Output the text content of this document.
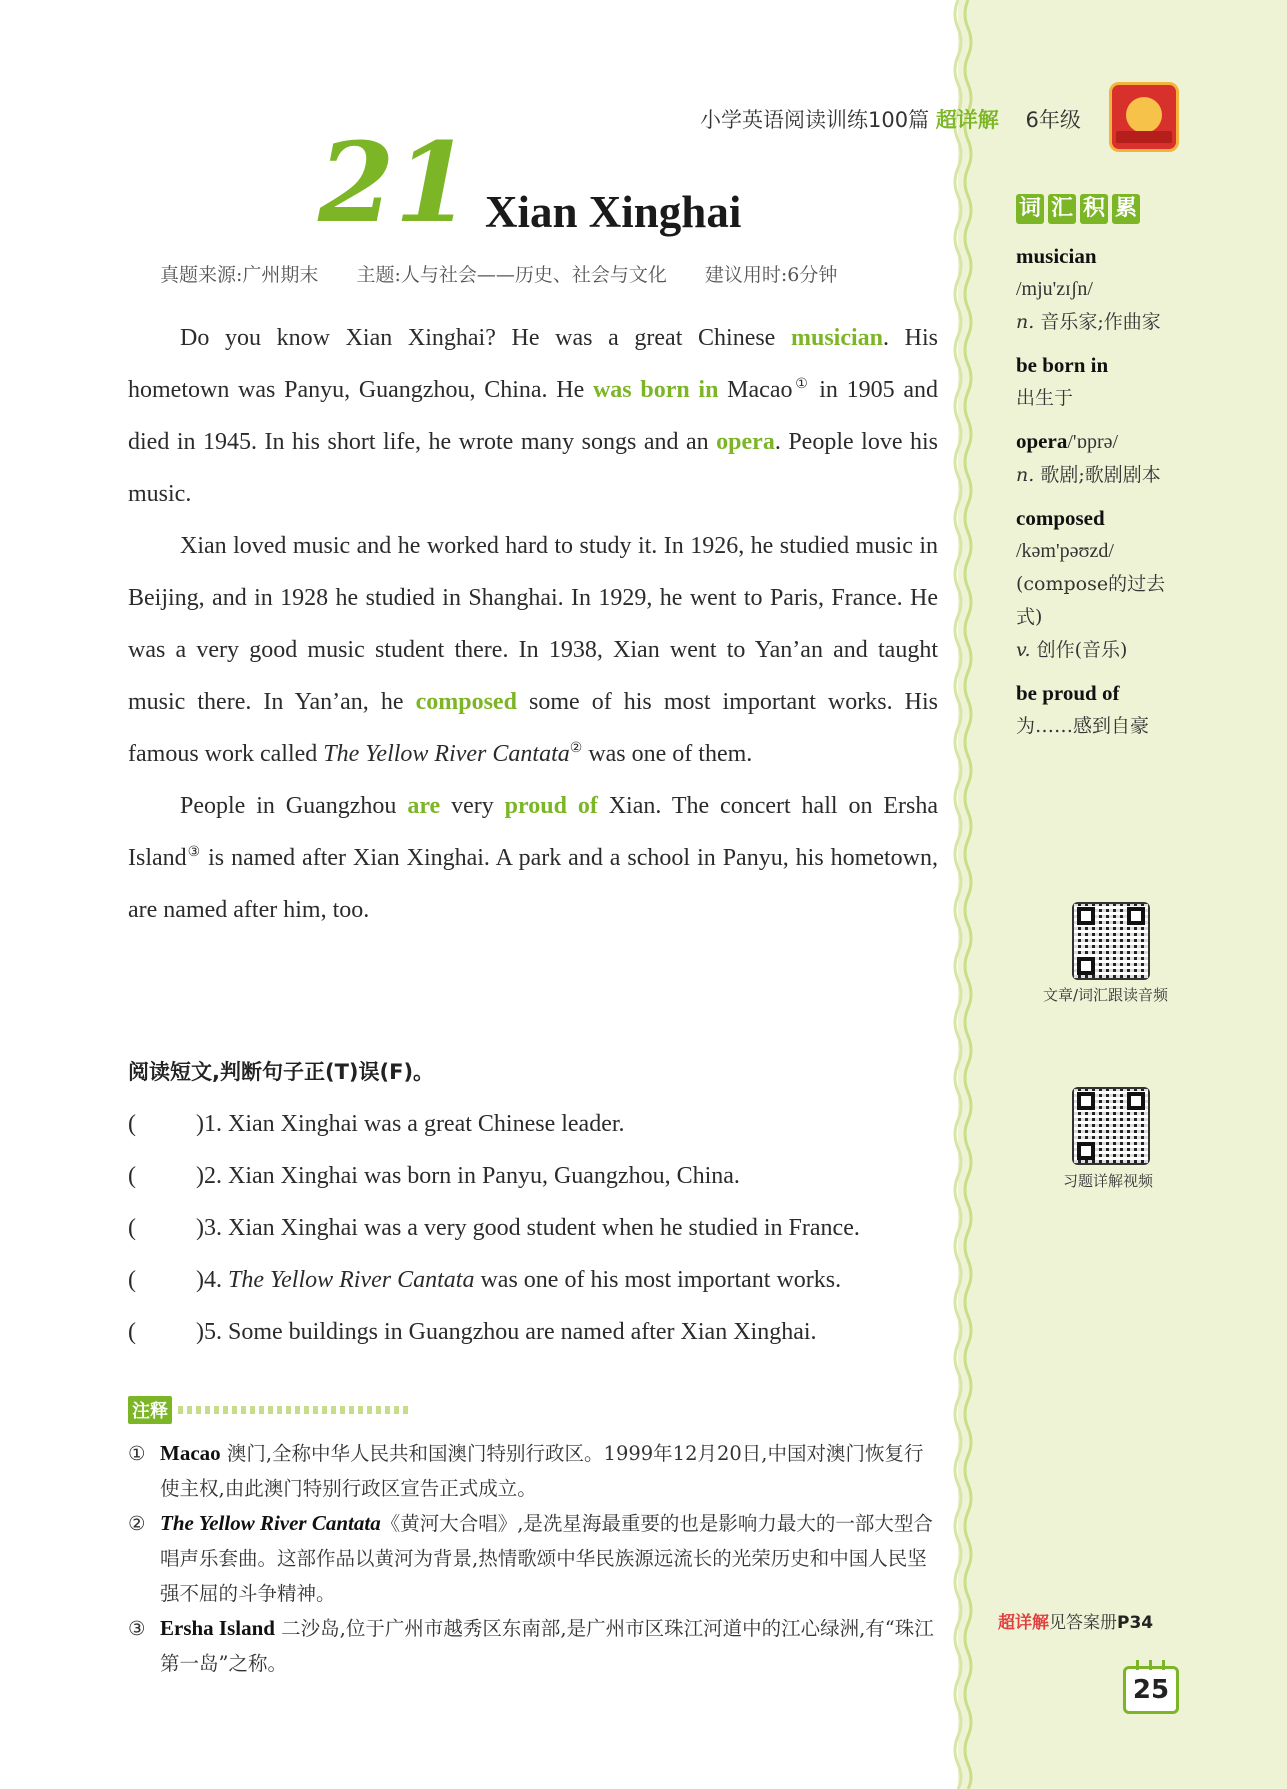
小学英语阅读训练100篇 超详解 6年级
21 Xian Xinghai
真题来源:广州期末 主题:人与社会——历史、社会与文化 建议用时:6分钟

Do you know Xian Xinghai? He was a great Chinese musician. His hometown was Panyu, Guangzhou, China. He was born in Macao① in 1905 and died in 1945. In his short life, he wrote many songs and an opera. People love his music.

Xian loved music and he worked hard to study it. In 1926, he studied music in Beijing, and in 1928 he studied in Shanghai. In 1929, he went to Paris, France. He was a very good music student there. In 1938, Xian went to Yan’an and taught music there. In Yan’an, he composed some of his most important works. His famous work called The Yellow River Cantata② was one of them.

People in Guangzhou are very proud of Xian. The concert hall on Ersha Island③ is named after Xian Xinghai. A park and a school in Panyu, his hometown, are named after him, too.

阅读短文,判断句子正(T)误(F)。
(	)1. Xian Xinghai was a great Chinese leader.
(	)2. Xian Xinghai was born in Panyu, Guangzhou, China.
(	)3. Xian Xinghai was a very good student when he studied in France.
(	)4. The Yellow River Cantata was one of his most important works.
(	)5. Some buildings in Guangzhou are named after Xian Xinghai.
注释
① Macao 澳门,全称中华人民共和国澳门特别行政区。1999年12月20日,中国对澳门恢复行使主权,由此澳门特别行政区宣告正式成立。
② The Yellow River Cantata《黄河大合唱》,是冼星海最重要的也是影响力最大的一部大型合唱声乐套曲。这部作品以黄河为背景,热情歌颂中华民族源远流长的光荣历史和中国人民坚强不屈的斗争精神。
③ Ersha Island 二沙岛,位于广州市越秀区东南部,是广州市区珠江河道中的江心绿洲,有“珠江第一岛”之称。
词 汇 积 累
musician
/mju'zɪʃn/
n. 音乐家;作曲家
be born in
出生于
opera/'ɒprə/
n. 歌剧;歌剧剧本
composed
/kəm'pəʊzd/
(compose的过去式)
v. 创作(音乐)
be proud of
为……感到自豪
文章/词汇跟读音频
习题详解视频
超详解见答案册P34
25
